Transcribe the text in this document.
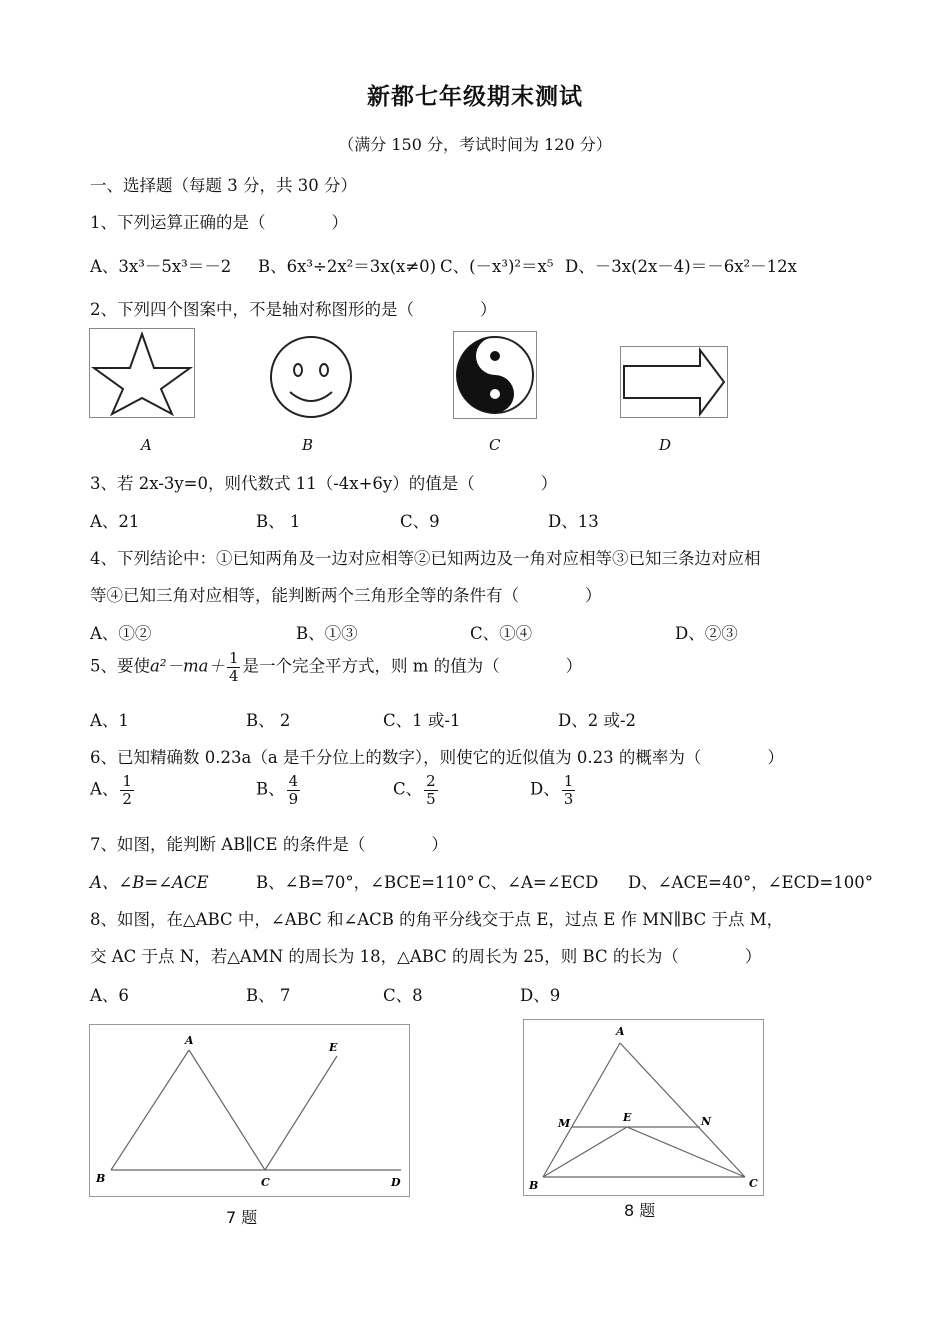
新都七年级期末测试
（满分 150 分，考试时间为 120 分）
一、选择题（每题 3 分，共 30 分）
1、下列运算正确的是（　　　　）
A、3x³－5x³＝－2 B、6x³÷2x²＝3x(x≠0) C、(－x³)²＝x⁵ D、－3x(2x－4)＝－6x²－12x
2、下列四个图案中，不是轴对称图形的是（　　　　）
A	B	C	D
3、若 2x-3y=0，则代数式 11（-4x+6y）的值是（　　　　）
A、21	B、 1	C、9	D、13
4、下列结论中：①已知两角及一边对应相等②已知两边及一角对应相等③已知三条边对应相
等④已知三角对应相等，能判断两个三角形全等的条件有（　　　　）
A、①②	B、①③	C、①④	D、②③
5、要使$a^2-ma+ \frac{1}{4}$ 是一个完全平方式，则 m 的值为（　　　　）
A、1	B、 2	C、1 或-1	D、2 或-2
6、已知精确数 0.23a（a 是千分位上的数字），则使它的近似值为 0.23 的概率为（　　　　）
A、 $\frac{1}{2}$	B、 $\frac{4}{9}$	C、 $\frac{2}{5}$	D、 $\frac{1}{3}$
7、如图，能判断 AB∥CE 的条件是（　　　　）
A、∠B=∠ACE	B、∠B=70°，∠BCE=110° C、∠A=∠ECD D、∠ACE=40°，∠ECD=100°
8、如图，在△ABC 中，∠ABC 和∠ACB 的角平分线交于点 E，过点 E 作 MN∥BC 于点 M，
交 AC 于点 N，若△AMN 的周长为 18，△ABC 的周长为 25，则 BC 的长为（　　　　）
A、6	B、 7	C、8	D、9
A
B	C	D
E
7 题
A
B	C
M	N
E
8 题
